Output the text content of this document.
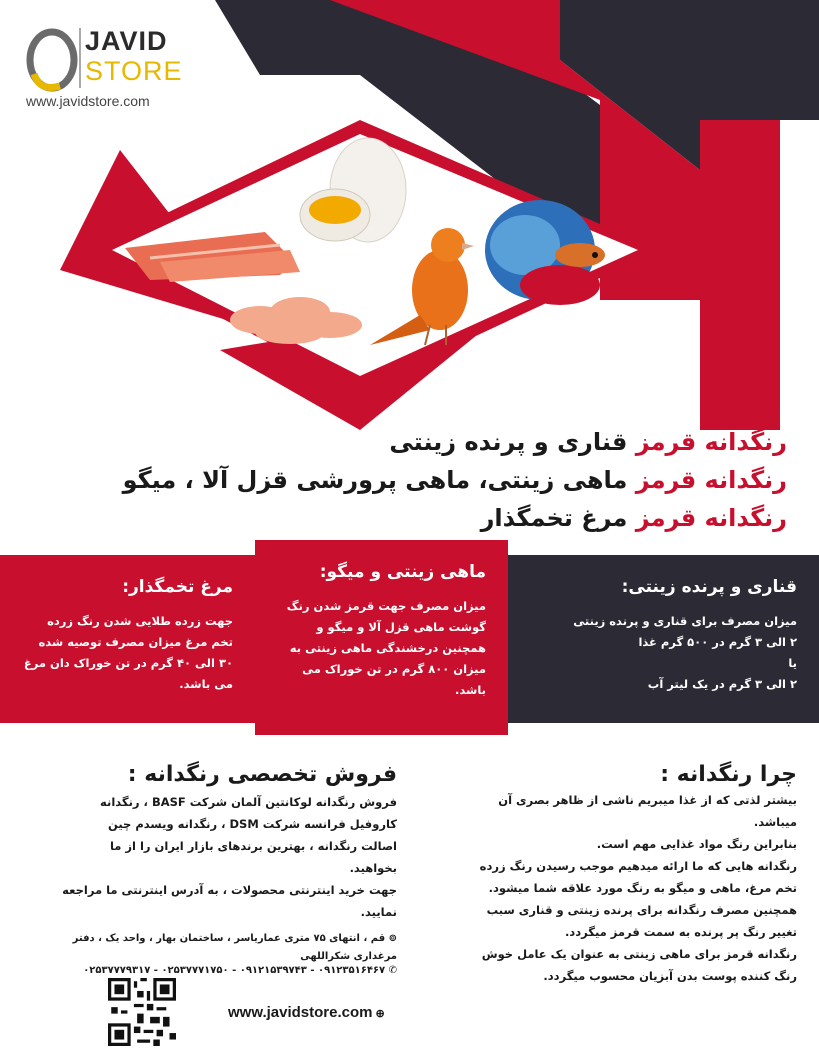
JAVID
STORE
www.javidstore.com
رنگدانه قرمز قناری و پرنده زینتی
رنگدانه قرمز ماهی زینتی، ماهی پرورشی قزل آلا ، میگو
رنگدانه قرمز مرغ تخمگذار
قناری و پرنده زینتی:

میزان مصرف برای قناری و پرنده زینتی

۲ الی ۳ گرم در ۵۰۰ گرم غذا

یا

۲ الی ۳ گرم در یک لیتر آب

ماهی زینتی و میگو:

میزان مصرف جهت قرمز شدن رنگ گوشت ماهی قزل آلا و میگو و همچنین درخشندگی ماهی زینتی به میزان ۸۰۰ گرم در تن خوراک می باشد.

مرغ تخمگذار:

جهت زرده طلایی شدن رنگ زرده تخم مرغ میزان مصرف توصیه شده ۳۰ الی ۴۰ گرم در تن خوراک دان مرغ می باشد.

چرا رنگدانه :
بیشتر لذتی که از غذا میبریم ناشی از ظاهر بصری آن میباشد.
بنابراین رنگ مواد غذایی مهم است.
رنگدانه هایی که ما ارائه میدهیم موجب رسیدن رنگ زرده تخم مرغ، ماهی و میگو به رنگ مورد علاقه شما میشود.
همچنین مصرف رنگدانه برای پرنده زینتی و قناری سبب تغییر رنگ پر پرنده به سمت قرمز میگردد.
رنگدانه قرمز برای ماهی زینتی به عنوان یک عامل خوش رنگ کننده پوست بدن آبزیان محسوب میگردد.
فروش تخصصی رنگدانه :
فروش رنگدانه لوکانتین آلمان شرکت BASF ، رنگدانه کاروفیل فرانسه شرکت DSM ، رنگدانه ویسدم چین
اصالت رنگدانه ، بهترین برندهای بازار ایران را از ما بخواهید.
جهت خرید اینترنتی محصولات ، به آدرس اینترنتی ما مراجعه نمایید.
⊚ قم ، انتهای ۷۵ متری عمارياسر ، ساختمان بهار ، واحد يک ، دفتر مرغداری شکراللهی
✆ ۰۹۱۲۳۵۱۶۴۶۷ - ۰۹۱۲۱۵۳۹۷۴۳ - ۰۲۵۳۷۷۷۱۷۵۰ - ۰۲۵۳۷۷۷۹۳۱۷
www.javidstore.com ⊕
